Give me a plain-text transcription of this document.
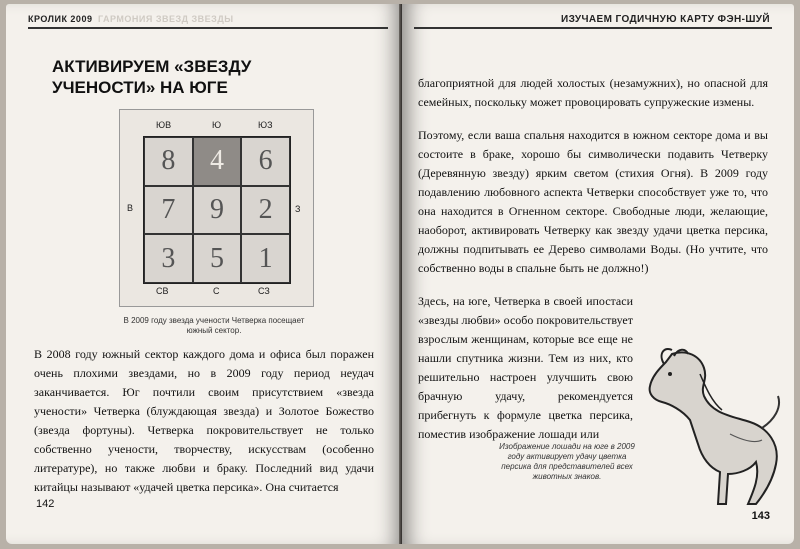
КРОЛИК 2009 ГАРМОНИЯ ЗВЕЗД ЗВЕЗДЫ
АКТИВИРУЕМ «ЗВЕЗДУ УЧЕНОСТИ» НА ЮГЕ
ЮВ	Ю	ЮЗ
В	З
СВ	С	СЗ
8	4	6
7	9	2
3	5	1
В 2009 году звезда учености Четверка посещает южный сектор.

В 2008 году южный сектор каждого дома и офиса был поражен очень плохими звездами, но в 2009 году период неудач заканчивается. Юг почтили своим присутствием «звезда учености» Четверка (блуждающая звезда) и Золотое Божество (звезда фортуны). Четверка покровительствует не только собственно учености, творчеству, искусствам (особенно литературе), но также любви и браку. Последний вид удачи китайцы называют «удачей цветка персика». Она считается

142
ИЗУЧАЕМ ГОДИЧНУЮ КАРТУ ФЭН-ШУЙ

благоприятной для людей холостых (незамужних), но опасной для семейных, поскольку может провоцировать супружеские измены.

Поэтому, если ваша спальня находится в южном секторе дома и вы состоите в браке, хорошо бы символически подавить Четверку (Деревянную звезду) ярким светом (стихия Огня). В 2009 году подавлению любовного аспекта Четверки способствует уже то, что она находится в Огненном секторе. Свободные люди, желающие, наоборот, активировать Четверку как звезду удачи цветка персика, должны подпитывать ее Дерево символами Воды. (Но учтите, что собственно воды в спальне быть не должно!)

Здесь, на юге, Четверка в своей ипостаси «звезды любви» особо покровительствует взрослым женщинам, которые все еще не нашли спутника жизни. Тем из них, кто решительно настроен улучшить свою брачную удачу, рекомендуется прибегнуть к формуле цветка персика, поместив изображение лошади или

Изображение лошади на юге в 2009 году активирует удачу цветка персика для представителей всех животных знаков.
143
